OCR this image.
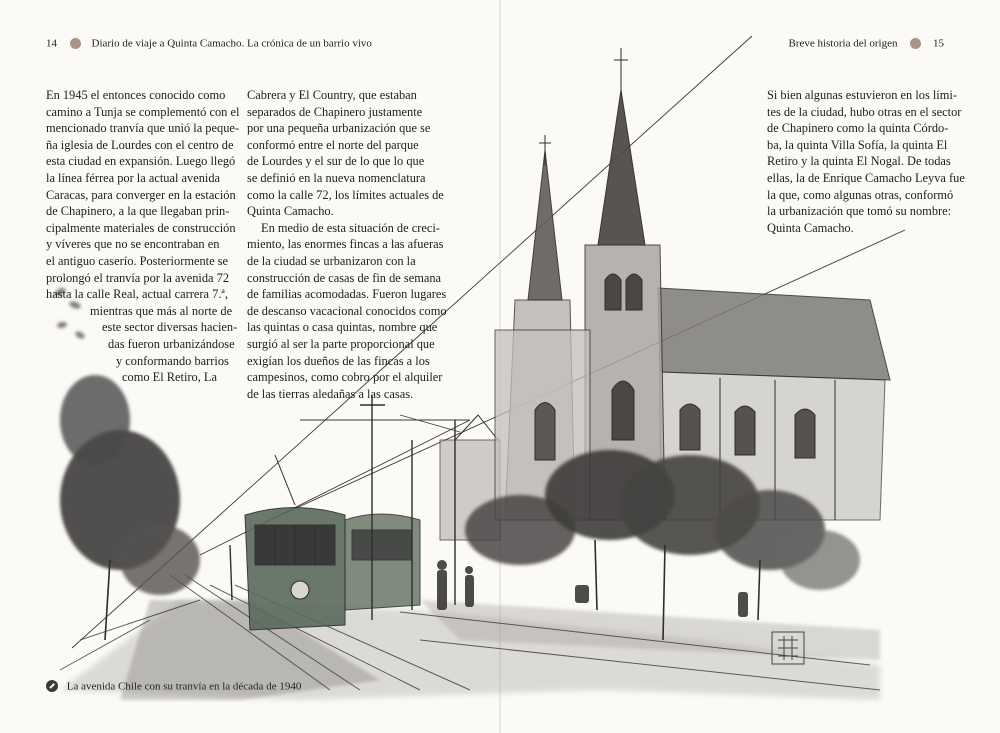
14	Diario de viaje a Quinta Camacho. La crónica de un barrio vivo	Breve historia del origen	15

En 1945 el entonces conocido como

camino a Tunja se complementó con el

mencionado tranvía que unió la peque-

ña iglesia de Lourdes con el centro de

esta ciudad en expansión. Luego llegó

la línea férrea por la actual avenida

Caracas, para converger en la estación

de Chapinero, a la que llegaban prin-

cipalmente materiales de construcción

y víveres que no se encontraban en

el antiguo caserío. Posteriormente se

prolongó el tranvía por la avenida 72

hasta la calle Real, actual carrera 7.ª,

mientras que más al norte de

este sector diversas hacien-

das fueron urbanizándose

y conformando barrios

como El Retiro, La

Cabrera y El Country, que estaban

separados de Chapinero justamente

por una pequeña urbanización que se

conformó entre el norte del parque

de Lourdes y el sur de lo que lo que

se definió en la nueva nomenclatura

como la calle 72, los límites actuales de

Quinta Camacho.

En medio de esta situación de creci-

miento, las enormes fincas a las afueras

de la ciudad se urbanizaron con la

construcción de casas de fin de semana

de familias acomodadas. Fueron lugares

de descanso vacacional conocidos como

las quintas o casa quintas, nombre que

surgió al ser la parte proporcional que

exigían los dueños de las fincas a los

campesinos, como cobro por el alquiler

de las tierras aledañas a las casas.

Si bien algunas estuvieron en los lími-

tes de la ciudad, hubo otras en el sector

de Chapinero como la quinta Córdo-

ba, la quinta Villa Sofía, la quinta El

Retiro y la quinta El Nogal. De todas

ellas, la de Enrique Camacho Leyva fue

la que, como algunas otras, conformó

la urbanización que tomó su nombre:

Quinta Camacho.

La avenida Chile con su tranvía en la década de 1940
